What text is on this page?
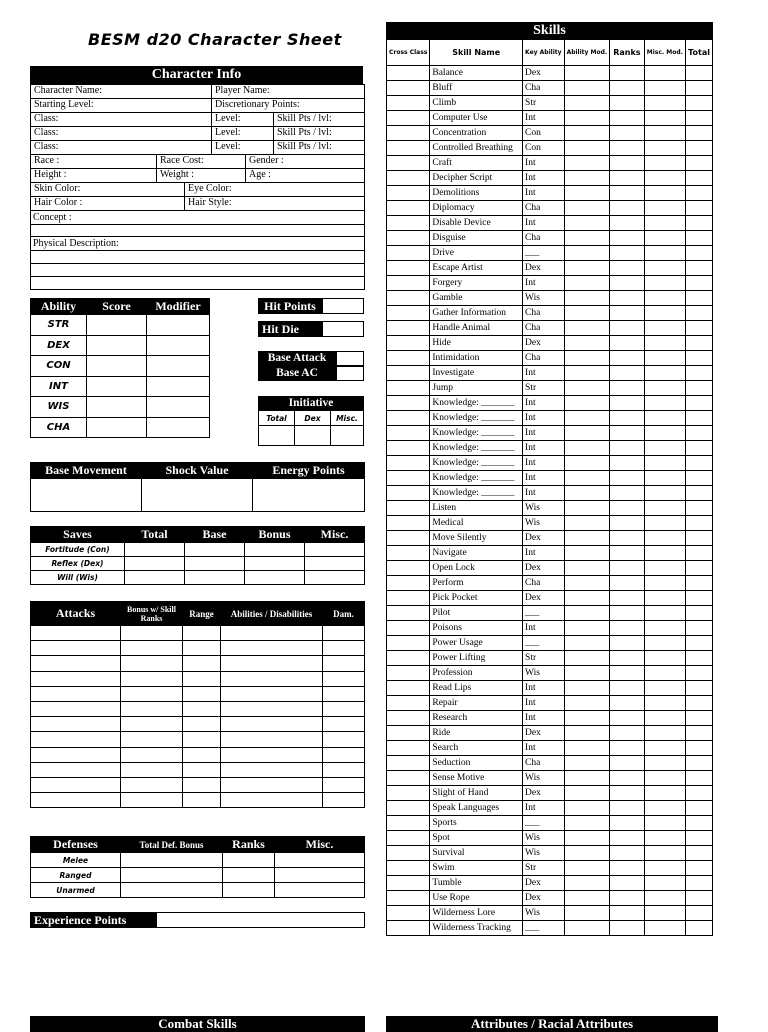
BESM d20 Character Sheet
Character Info
Character Name:	Player Name:

Starting Level:	Discretionary Points:

Class:	Level:	Skill Pts / lvl:

Class:	Level:	Skill Pts / lvl:

Class:	Level:	Skill Pts / lvl:

Race :	Race Cost:	Gender :

Height :	Weight :	Age :

Skin Color:	Eye Color:

Hair Color :	Hair Style:

Concept :

Physical Description:

Ability	Score	Modifier
STR		
DEX		
CON		
INT		
WIS		
CHA		
Hit Points
Hit Die
Base Attack
Base AC
Initiative
Total	Dex	Misc.

Base Movement	Shock Value	Energy Points

Saves	Total	Base	Bonus	Misc.
Fortitude (Con)				
Reflex (Dex)				
Will (Wis)				
Attacks	Bonus w/ Skill Ranks	Range	Abilities / Disabilities	Dam.

Defenses	Total Def. Bonus	Ranks	Misc.
Melee			
Ranged			
Unarmed			
Experience Points
Skills
Cross Class	Skill Name	Key Ability	Ability Mod.	Ranks	Misc. Mod.	Total
	Balance	Dex				
	Bluff	Cha				
	Climb	Str				
	Computer Use	Int				
	Concentration	Con				
	Controlled Breathing	Con				
	Craft	Int				
	Decipher Script	Int				
	Demolitions	Int				
	Diplomacy	Cha				
	Disable Device	Int				
	Disguise	Cha				
	Drive	___				
	Escape Artist	Dex				
	Forgery	Int				
	Gamble	Wis				
	Gather Information	Cha				
	Handle Animal	Cha				
	Hide	Dex				
	Intimidation	Cha				
	Investigate	Int				
	Jump	Str				
	Knowledge: _______	Int				
	Knowledge: _______	Int				
	Knowledge: _______	Int				
	Knowledge: _______	Int				
	Knowledge: _______	Int				
	Knowledge: _______	Int				
	Knowledge: _______	Int				
	Listen	Wis				
	Medical	Wis				
	Move Silently	Dex				
	Navigate	Int				
	Open Lock	Dex				
	Perform	Cha				
	Pick Pocket	Dex				
	Pilot	___				
	Poisons	Int				
	Power Usage	___				
	Power Lifting	Str				
	Profession	Wis				
	Read Lips	Int				
	Repair	Int				
	Research	Int				
	Ride	Dex				
	Search	Int				
	Seduction	Cha				
	Sense Motive	Wis				
	Slight of Hand	Dex				
	Speak Languages	Int				
	Sports	___				
	Spot	Wis				
	Survival	Wis				
	Swim	Str				
	Tumble	Dex				
	Use Rope	Dex				
	Wilderness Lore	Wis				
	Wilderness Tracking	___				
Combat Skills	Attributes / Racial Attributes
